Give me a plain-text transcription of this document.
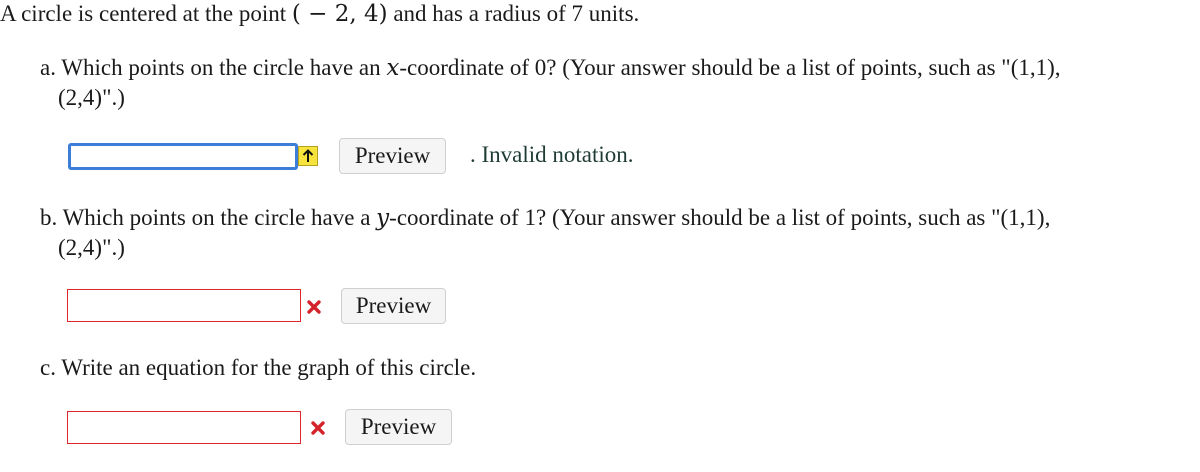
A circle is centered at the point ( − 2, 4) and has a radius of 7 units.
a. Which points on the circle have an x-coordinate of 0? (Your answer should be a list of points, such as "(1,1),
(2,4)".)
Preview	. Invalid notation.
b. Which points on the circle have a y-coordinate of 1? (Your answer should be a list of points, such as "(1,1),
(2,4)".)
Preview
c. Write an equation for the graph of this circle.
Preview
